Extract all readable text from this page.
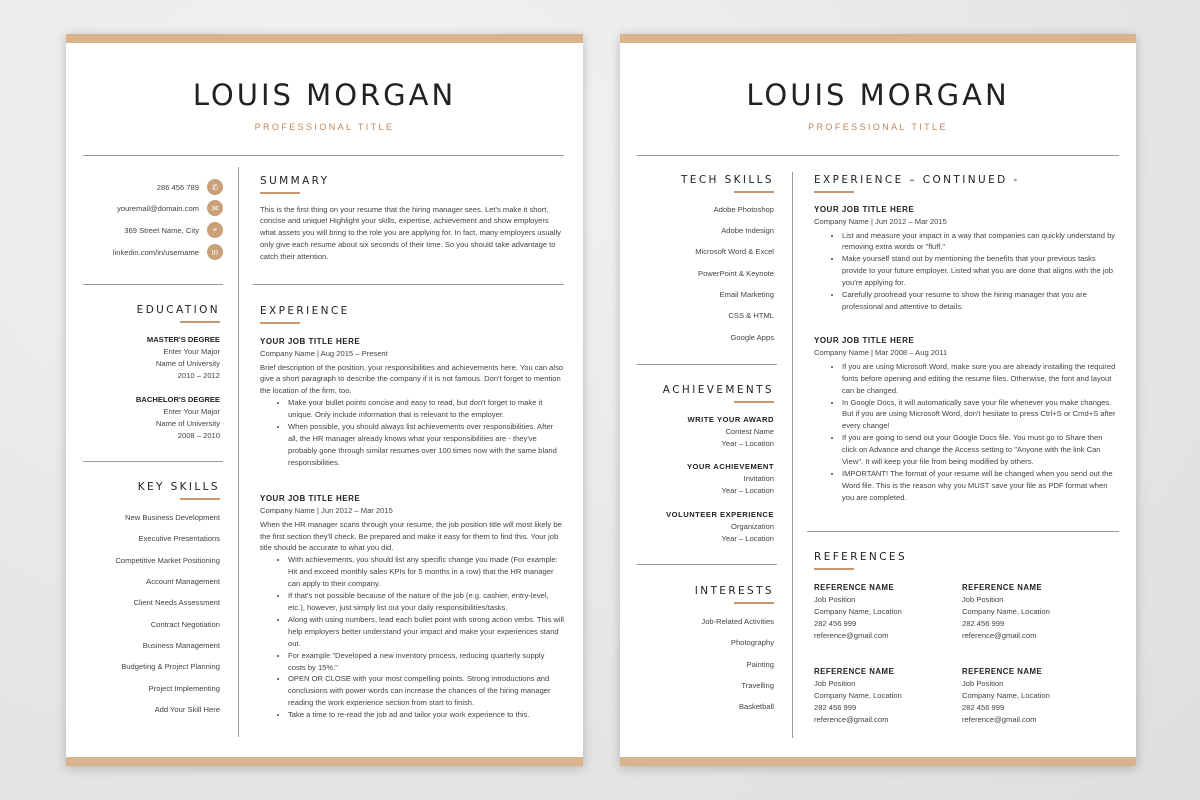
LOUIS MORGAN
PROFESSIONAL TITLE
286 456 789	✆
youremail@domain.com	✉
369 Street Name, City	⌖
linkedin.com/in/username	in
EDUCATION
MASTER'S DEGREE
Enter Your Major
Name of University
2010 – 2012
BACHELOR'S DEGREE
Enter Your Major
Name of University
2008 – 2010
KEY SKILLS
New Business Development
Executive Presentations
Competitive Market Positioning
Account Management
Client Needs Assessment
Contract Negotiation
Business Management
Budgeting & Project Planning
Project Implementing
Add Your Skill Here
SUMMARY
This is the first thing on your resume that the hiring manager sees. Let's make it short, concise and unique! Highlight your skills, expertise, achievement and show employers what assets you will bring to the role you are applying for. In fact, many employers usually only give each resume about six seconds of their time. So you should take advantage to catch their attention.
EXPERIENCE
YOUR JOB TITLE HERE
Company Name | Aug 2015 – Present
Brief description of the position, your responsibilities and achievements here. You can also give a short paragraph to describe the company if it is not famous. Don't forget to mention the location of the firm, too.
• Make your bullet points concise and easy to read, but don't forget to make it unique. Only include information that is relevant to the employer.
• When possible, you should always list achievements over responsibilities. After all, the HR manager already knows what your responsibilities are - they've probably gone through similar resumes over 100 times now with the same bland responsibilities.
YOUR JOB TITLE HERE
Company Name | Jun 2012 – Mar 2015
When the HR manager scans through your resume, the job position title will most likely be the first section they'll check. Be prepared and make it easy for them to find this. Your job title should be accurate to what you did.
• With achievements, you should list any specific change you made (For example: Hit and exceed monthly sales KPIs for 5 months in a row) that the HR manager can apply to their company.
• If that's not possible because of the nature of the job (e.g. cashier, entry-level, etc.), however, just simply list out your daily responsibilities/tasks.
• Along with using numbers, lead each bullet point with strong action verbs. This will help employers better understand your impact and make your experiences stand out.
• For example "Developed a new inventory process, reducing quarterly supply costs by 15%."
• OPEN OR CLOSE with your most compelling points. Strong introductions and conclusions with power words can increase the chances of the hiring manager reading the work experience section from start to finish.
• Take a time to re-read the job ad and tailor your work experience to this.
LOUIS MORGAN
PROFESSIONAL TITLE
TECH SKILLS
Adobe Photoshop
Adobe Indesign
Microsoft Word & Excel
PowerPoint & Keynote
Email Marketing
CSS & HTML
Google Apps
ACHIEVEMENTS
WRITE YOUR AWARD
Contest Name
Year – Location
YOUR ACHIEVEMENT
Invitation
Year – Location
VOLUNTEER EXPERIENCE
Organization
Year – Location
INTERESTS
Job-Related Activities
Photography
Painting
Travelling
Basketball
EXPERIENCE – CONTINUED -
YOUR JOB TITLE HERE
Company Name | Jun 2012 – Mar 2015
• List and measure your impact in a way that companies can quickly understand by removing extra words or "fluff."
• Make yourself stand out by mentioning the benefits that your previous tasks provide to your future employer. Listed what you are done that aligns with the job you're applying for.
• Carefully proofread your resume to show the hiring manager that you are professional and attentive to details.
YOUR JOB TITLE HERE
Company Name | Mar 2008 – Aug 2011
• If you are using Microsoft Word, make sure you are already installing the required fonts before opening and editing the resume files. Otherwise, the font and layout can be changed.
• In Google Docs, it will automatically save your file whenever you make changes. But if you are using Microsoft Word, don't hesitate to press Ctrl+S or Cmd+S after every change!
• If you are going to send out your Google Docs file. You must go to Share then click on Advance and change the Access setting to "Anyone with the link Can View". It will keep your file from being modified by others.
• IMPORTANT! The format of your resume will be changed when you send out the Word file. This is the reason why you MUST save your file as PDF format when you are completed.
REFERENCES
REFERENCE NAME
Job Position
Company Name, Location
282 456 999
reference@gmail.com
REFERENCE NAME
Job Position
Company Name, Location
282 456 999
reference@gmail.com
REFERENCE NAME
Job Position
Company Name, Location
282 456 999
reference@gmail.com
REFERENCE NAME
Job Position
Company Name, Location
282 456 999
reference@gmail.com
